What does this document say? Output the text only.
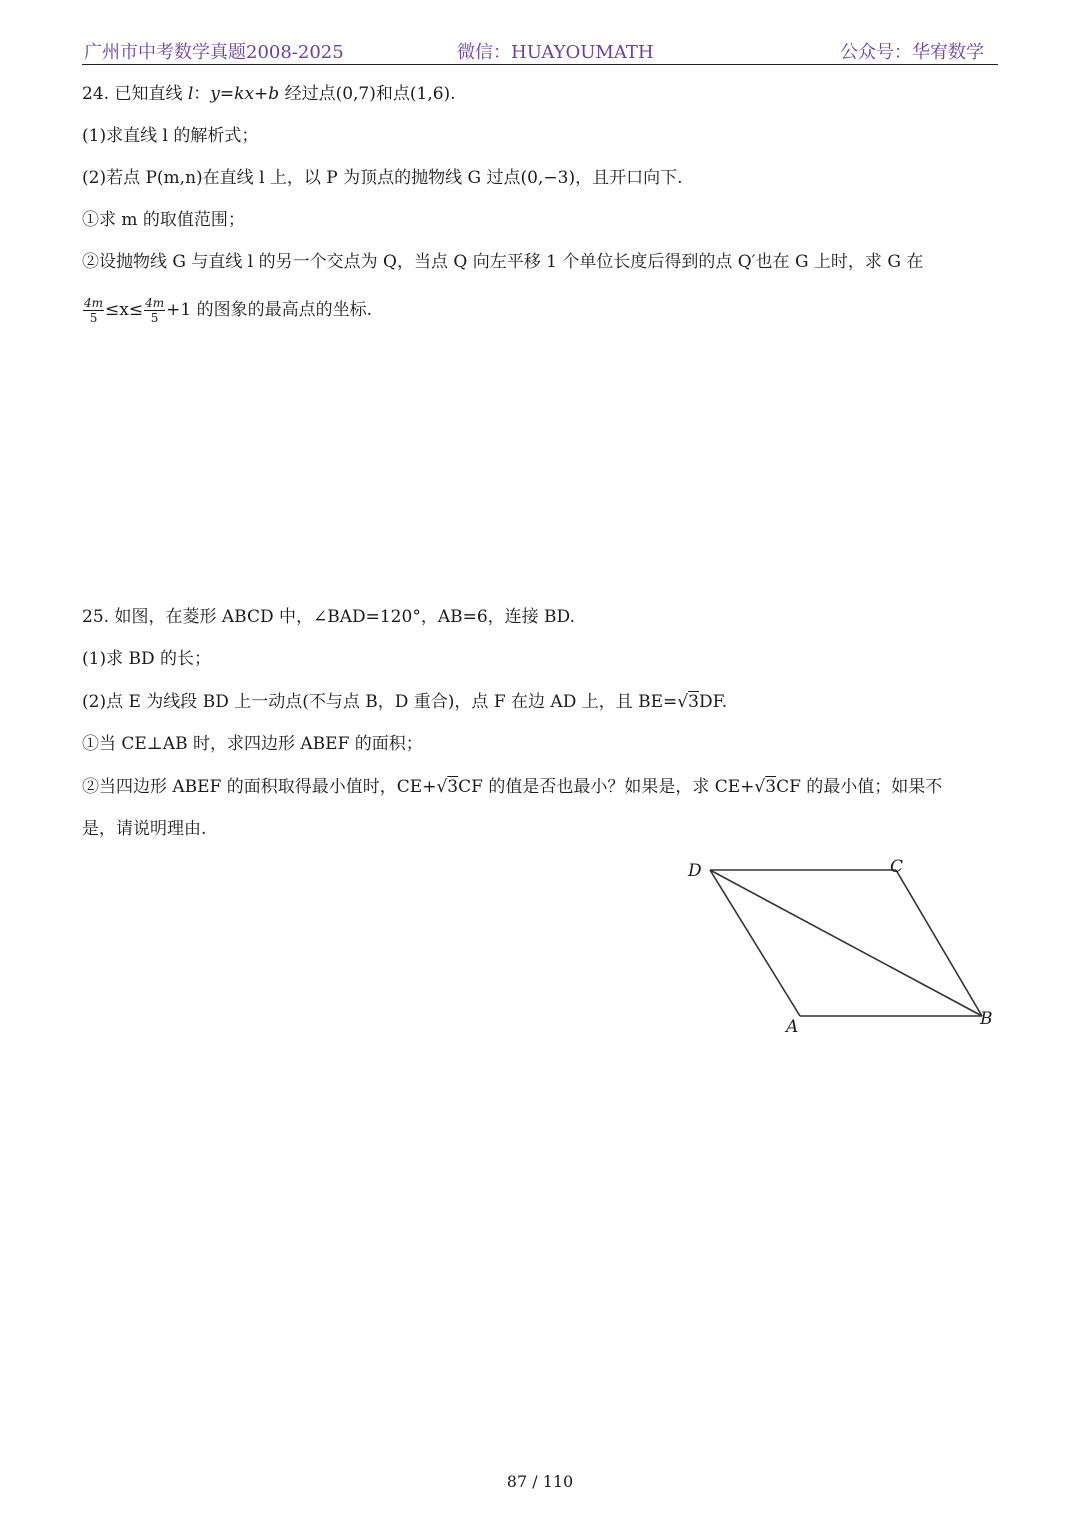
广州市中考数学真题2008-2025	微信：HUAYOUMATH	公众号：华宥数学
24. 已知直线 l：y=kx+b 经过点(0,7)和点(1,6).
(1)求直线 l 的解析式；
(2)若点 P(m,n)在直线 l 上，以 P 为顶点的抛物线 G 过点(0,−3)，且开口向下.
①求 m 的取值范围；
②设抛物线 G 与直线 l 的另一个交点为 Q，当点 Q 向左平移 1 个单位长度后得到的点 Q′也在 G 上时，求 G 在
$\frac{4m}{5} \le x\le \frac{4m}{5} +1$ 的图象的最高点的坐标.
25. 如图，在菱形 ABCD 中，∠BAD=120°，AB=6，连接 BD.
(1)求 BD 的长；
(2)点 E 为线段 BD 上一动点(不与点 B，D 重合)，点 F 在边 AD 上，且 BE=√3DF.
①当 CE⊥AB 时，求四边形 ABEF 的面积；
②当四边形 ABEF 的面积取得最小值时，CE+√3CF 的值是否也最小？如果是，求 CE+√3CF 的最小值；如果不
是，请说明理由.
D	C
A	B
87 / 110
